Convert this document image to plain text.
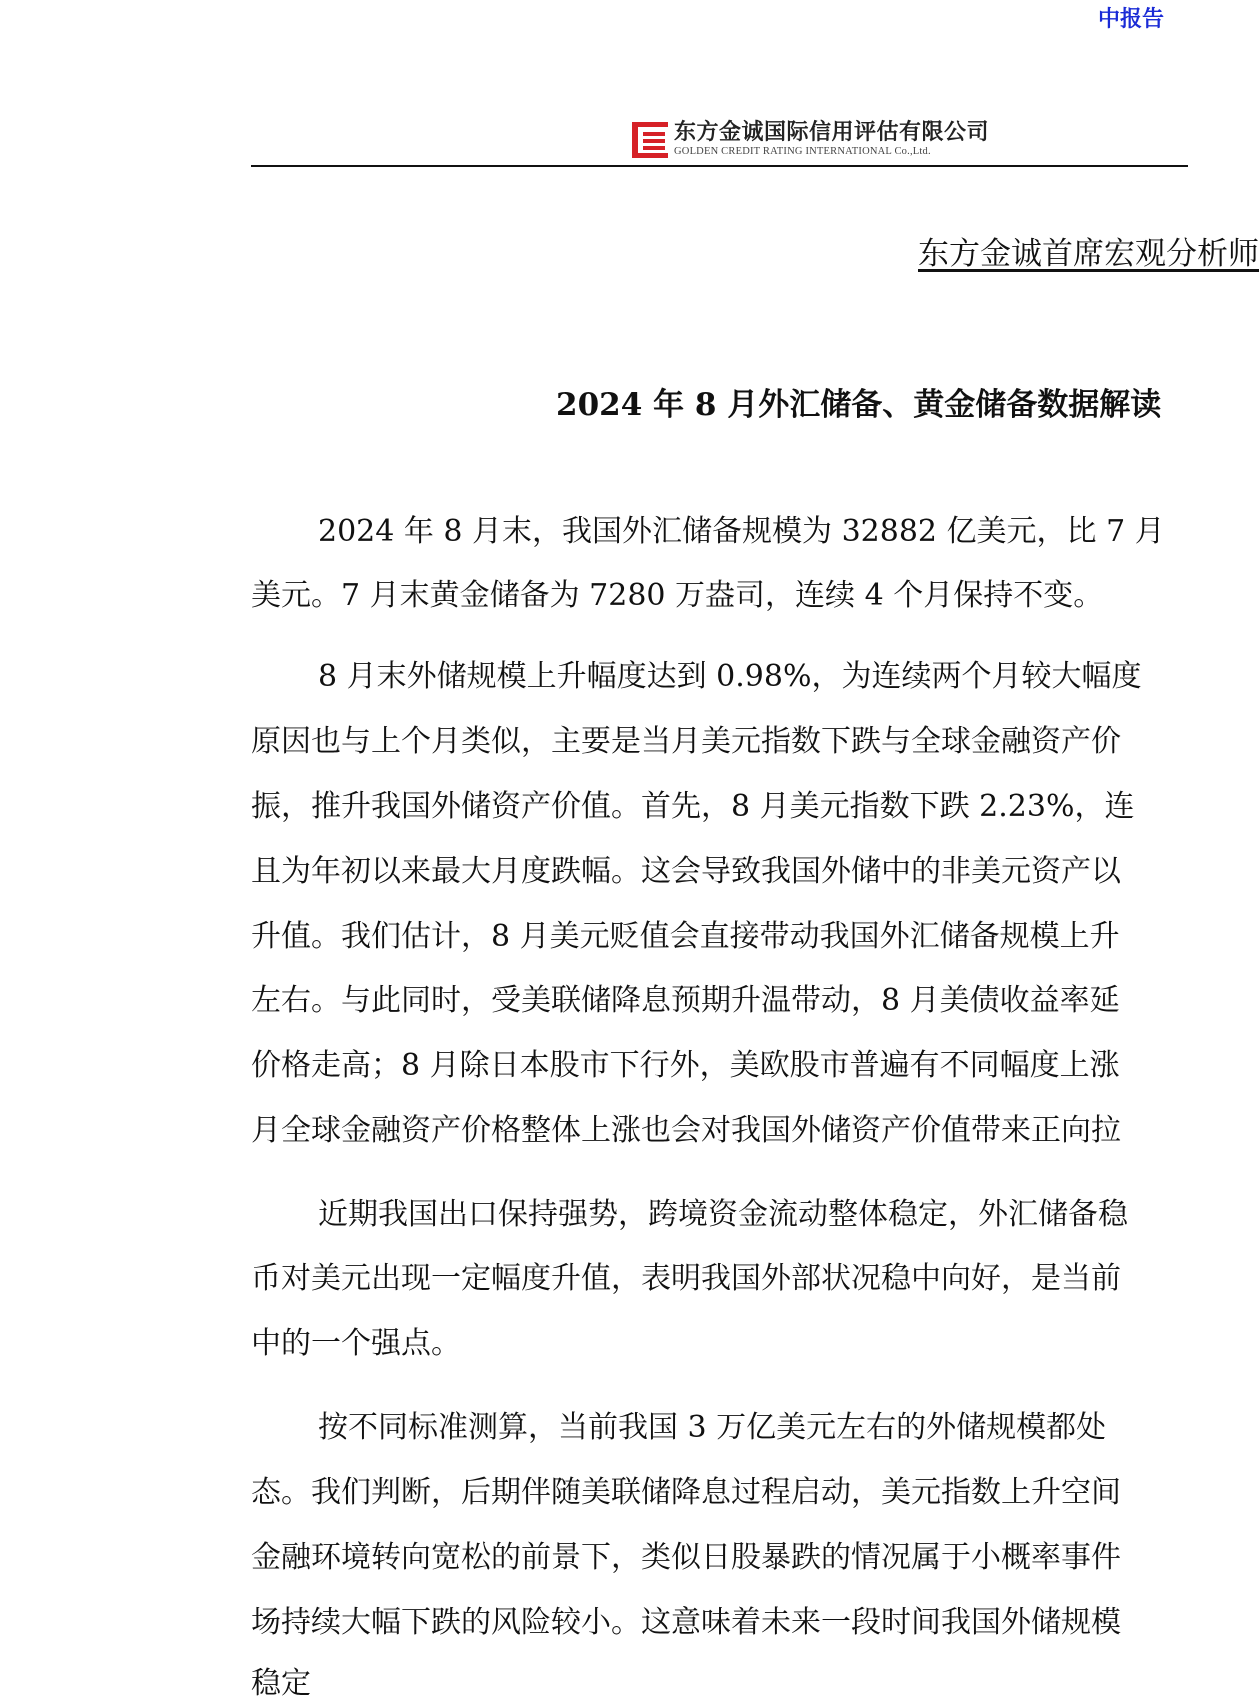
中报告
东方金诚国际信用评估有限公司
GOLDEN CREDIT RATING INTERNATIONAL Co.,Ltd.
东方金诚首席宏观分析师
2024 年 8 月外汇储备、黄金储备数据解读
2024 年 8 月末，我国外汇储备规模为 32882 亿美元，比 7 月
美元。7 月末黄金储备为 7280 万盎司，连续 4 个月保持不变。
8 月末外储规模上升幅度达到 0.98%，为连续两个月较大幅度
原因也与上个月类似，主要是当月美元指数下跌与全球金融资产价
振，推升我国外储资产价值。首先，8 月美元指数下跌 2.23%，连
且为年初以来最大月度跌幅。这会导致我国外储中的非美元资产以
升值。我们估计，8 月美元贬值会直接带动我国外汇储备规模上升
左右。与此同时，受美联储降息预期升温带动，8 月美债收益率延
价格走高；8 月除日本股市下行外，美欧股市普遍有不同幅度上涨
月全球金融资产价格整体上涨也会对我国外储资产价值带来正向拉
近期我国出口保持强势，跨境资金流动整体稳定，外汇储备稳
币对美元出现一定幅度升值，表明我国外部状况稳中向好，是当前
中的一个强点。
按不同标准测算，当前我国 3 万亿美元左右的外储规模都处
态。我们判断，后期伴随美联储降息过程启动，美元指数上升空间
金融环境转向宽松的前景下，类似日股暴跌的情况属于小概率事件
场持续大幅下跌的风险较小。这意味着未来一段时间我国外储规模
稳定
